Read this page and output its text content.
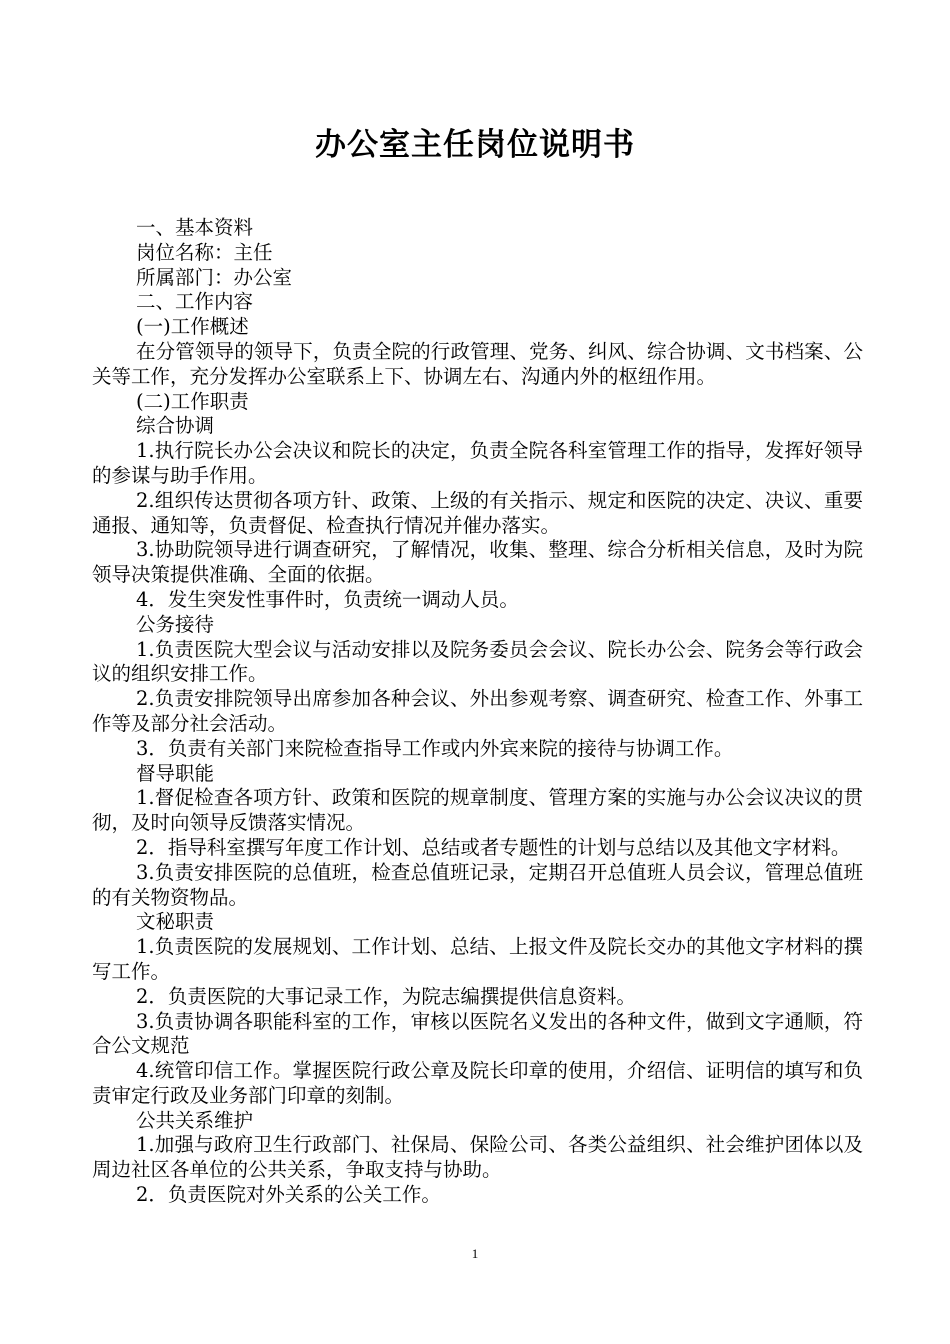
办公室主任岗位说明书

一、基本资料

岗位名称：主任

所属部门：办公室

二、工作内容

(一)工作概述

在分管领导的领导下，负责全院的行政管理、党务、纠风、综合协调、文书档案、公关等工作，充分发挥办公室联系上下、协调左右、沟通内外的枢纽作用。

(二)工作职责

综合协调

1.执行院长办公会决议和院长的决定，负责全院各科室管理工作的指导，发挥好领导的参谋与助手作用。

2.组织传达贯彻各项方针、政策、上级的有关指示、规定和医院的决定、决议、重要通报、通知等，负责督促、检查执行情况并催办落实。

3.协助院领导进行调查研究，了解情况，收集、整理、综合分析相关信息，及时为院领导决策提供准确、全面的依据。

4．发生突发性事件时，负责统一调动人员。

公务接待

1.负责医院大型会议与活动安排以及院务委员会会议、院长办公会、院务会等行政会议的组织安排工作。

2.负责安排院领导出席参加各种会议、外出参观考察、调查研究、检查工作、外事工作等及部分社会活动。

3．负责有关部门来院检查指导工作或内外宾来院的接待与协调工作。

督导职能

1.督促检查各项方针、政策和医院的规章制度、管理方案的实施与办公会议决议的贯彻，及时向领导反馈落实情况。

2．指导科室撰写年度工作计划、总结或者专题性的计划与总结以及其他文字材料。

3.负责安排医院的总值班，检查总值班记录，定期召开总值班人员会议，管理总值班的有关物资物品。

文秘职责

1.负责医院的发展规划、工作计划、总结、上报文件及院长交办的其他文字材料的撰写工作。

2．负责医院的大事记录工作，为院志编撰提供信息资料。

3.负责协调各职能科室的工作，审核以医院名义发出的各种文件，做到文字通顺，符合公文规范

4.统管印信工作。掌握医院行政公章及院长印章的使用，介绍信、证明信的填写和负责审定行政及业务部门印章的刻制。

公共关系维护

1.加强与政府卫生行政部门、社保局、保险公司、各类公益组织、社会维护团体以及周边社区各单位的公共关系，争取支持与协助。

2．负责医院对外关系的公关工作。

1
